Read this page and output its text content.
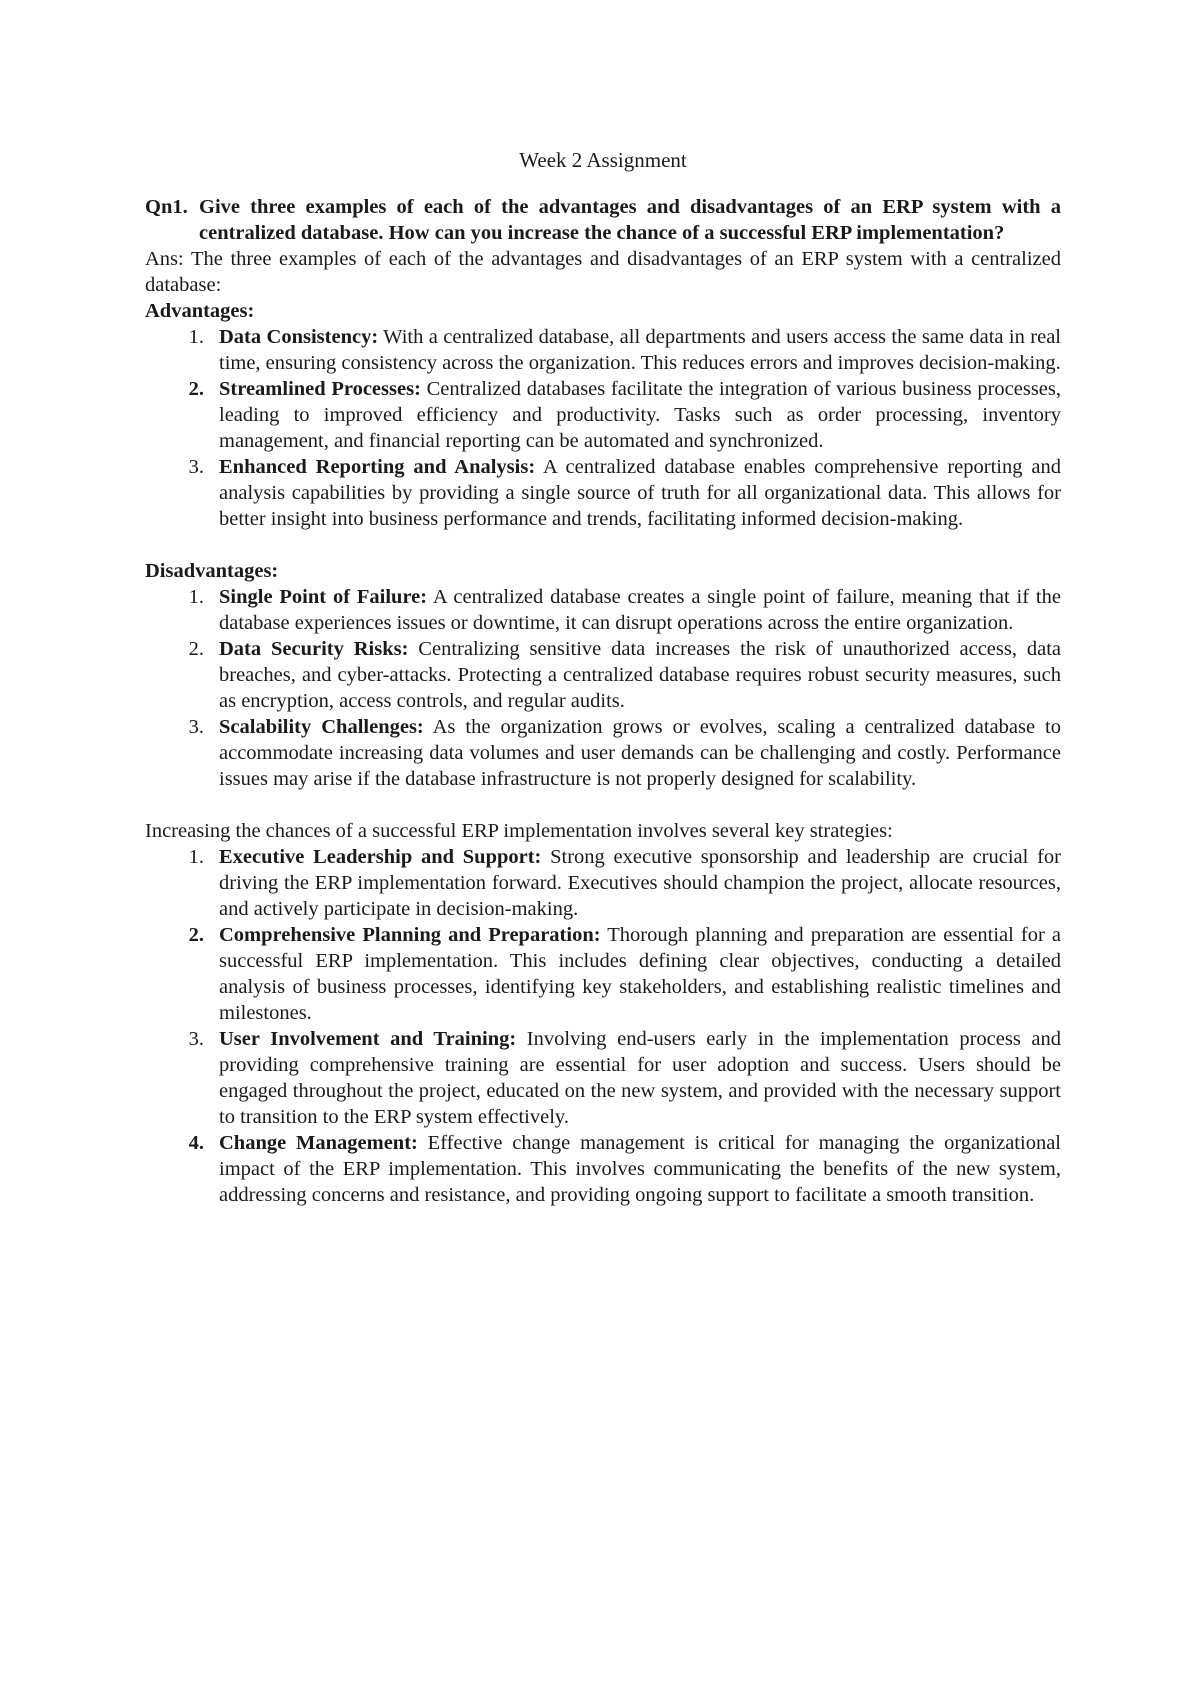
Week 2 Assignment
Qn1. Give three examples of each of the advantages and disadvantages of an ERP system with a centralized database. How can you increase the chance of a successful ERP implementation?
Ans: The three examples of each of the advantages and disadvantages of an ERP system with a centralized database:
Advantages:
1. Data Consistency: With a centralized database, all departments and users access the same data in real time, ensuring consistency across the organization. This reduces errors and improves decision-making.
2. Streamlined Processes: Centralized databases facilitate the integration of various business processes, leading to improved efficiency and productivity. Tasks such as order processing, inventory management, and financial reporting can be automated and synchronized.
3. Enhanced Reporting and Analysis: A centralized database enables comprehensive reporting and analysis capabilities by providing a single source of truth for all organizational data. This allows for better insight into business performance and trends, facilitating informed decision-making.
Disadvantages:
1. Single Point of Failure: A centralized database creates a single point of failure, meaning that if the database experiences issues or downtime, it can disrupt operations across the entire organization.
2. Data Security Risks: Centralizing sensitive data increases the risk of unauthorized access, data breaches, and cyber-attacks. Protecting a centralized database requires robust security measures, such as encryption, access controls, and regular audits.
3. Scalability Challenges: As the organization grows or evolves, scaling a centralized database to accommodate increasing data volumes and user demands can be challenging and costly. Performance issues may arise if the database infrastructure is not properly designed for scalability.
Increasing the chances of a successful ERP implementation involves several key strategies:
1. Executive Leadership and Support: Strong executive sponsorship and leadership are crucial for driving the ERP implementation forward. Executives should champion the project, allocate resources, and actively participate in decision-making.
2. Comprehensive Planning and Preparation: Thorough planning and preparation are essential for a successful ERP implementation. This includes defining clear objectives, conducting a detailed analysis of business processes, identifying key stakeholders, and establishing realistic timelines and milestones.
3. User Involvement and Training: Involving end-users early in the implementation process and providing comprehensive training are essential for user adoption and success. Users should be engaged throughout the project, educated on the new system, and provided with the necessary support to transition to the ERP system effectively.
4. Change Management: Effective change management is critical for managing the organizational impact of the ERP implementation. This involves communicating the benefits of the new system, addressing concerns and resistance, and providing ongoing support to facilitate a smooth transition.
